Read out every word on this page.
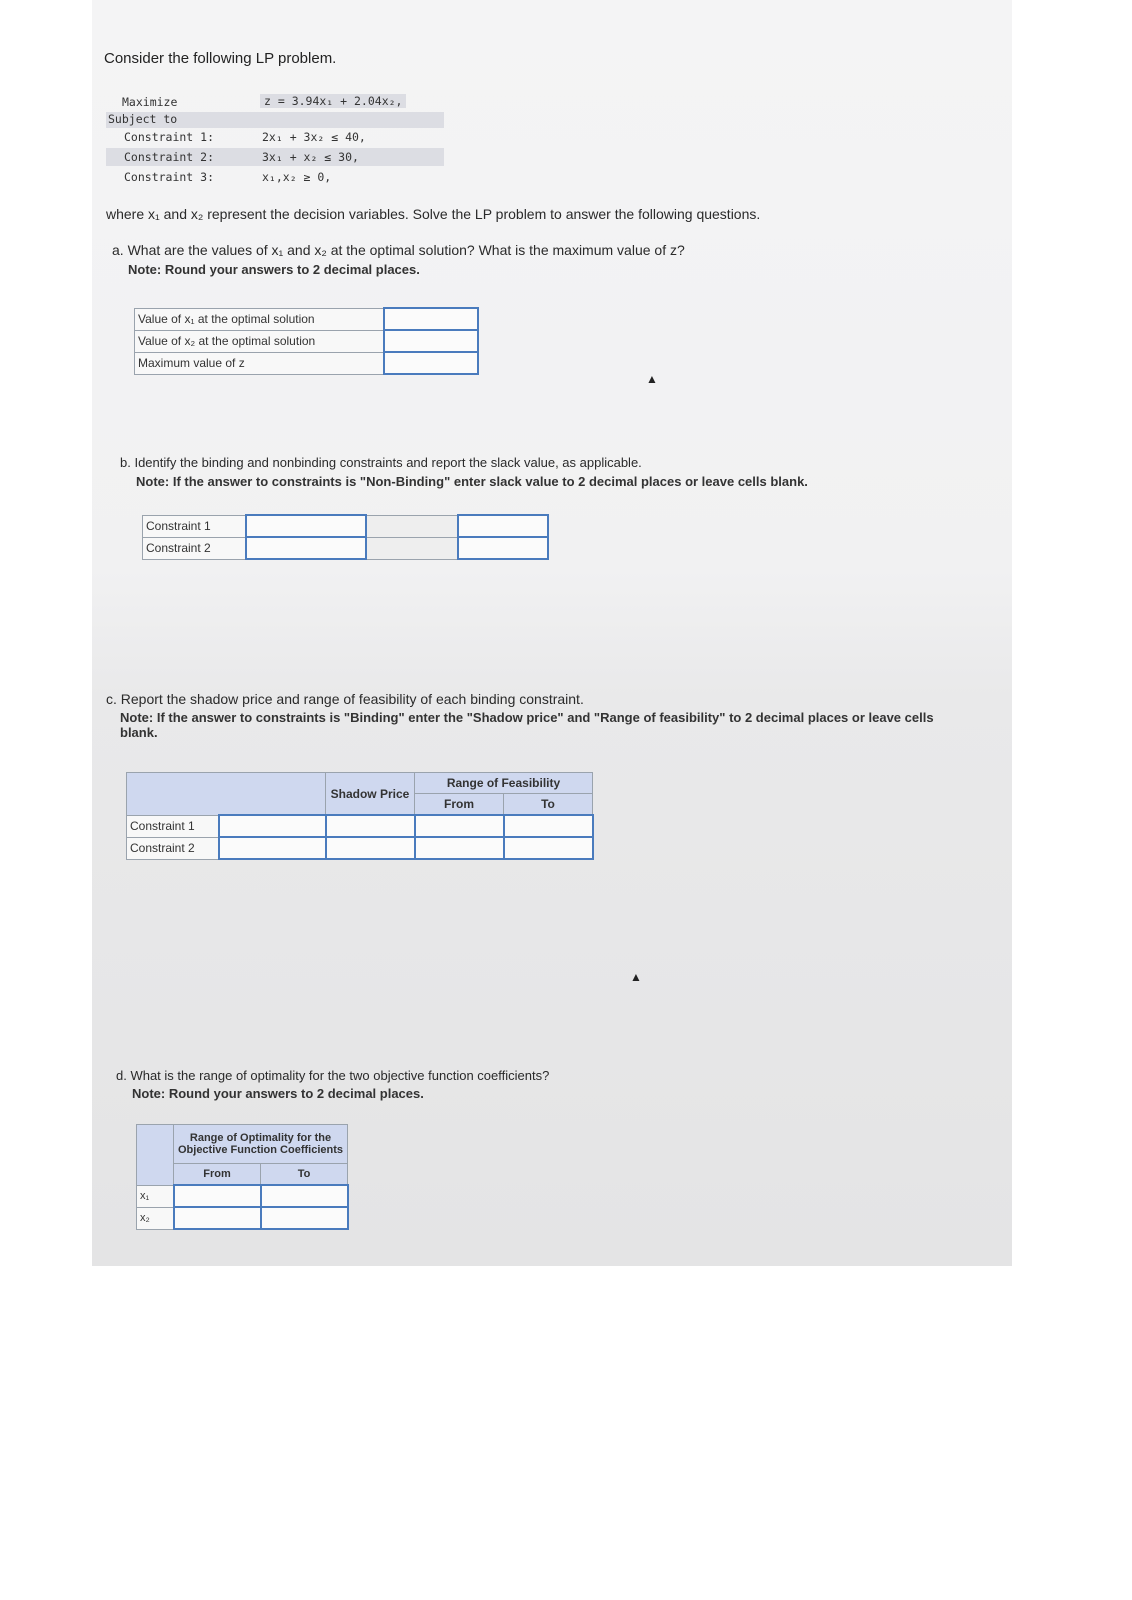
Consider the following LP problem.
Maximize	z = 3.94x₁ + 2.04x₂,
Subject to
Constraint 1:	2x₁ + 3x₂ ≤ 40,
Constraint 2:	3x₁ + x₂ ≤ 30,
Constraint 3:	x₁,x₂ ≥ 0,
where x₁ and x₂ represent the decision variables. Solve the LP problem to answer the following questions.
a. What are the values of x₁ and x₂ at the optimal solution? What is the maximum value of z?
Note: Round your answers to 2 decimal places.
Value of x₁ at the optimal solution	
Value of x₂ at the optimal solution	
Maximum value of z	
▲
b. Identify the binding and nonbinding constraints and report the slack value, as applicable.
Note: If the answer to constraints is "Non-Binding" enter slack value to 2 decimal places or leave cells blank.
Constraint 1			
Constraint 2			
c. Report the shadow price and range of feasibility of each binding constraint.
Note: If the answer to constraints is "Binding" enter the "Shadow price" and "Range of feasibility" to 2 decimal places or leave cells blank.
		Shadow Price	Range of Feasibility	
			From	To
Constraint 1				
Constraint 2				
▲
d. What is the range of optimality for the two objective function coefficients?
Note: Round your answers to 2 decimal places.
	Range of Optimality for the Objective Function Coefficients	
	From	To
x₁		
x₂		
